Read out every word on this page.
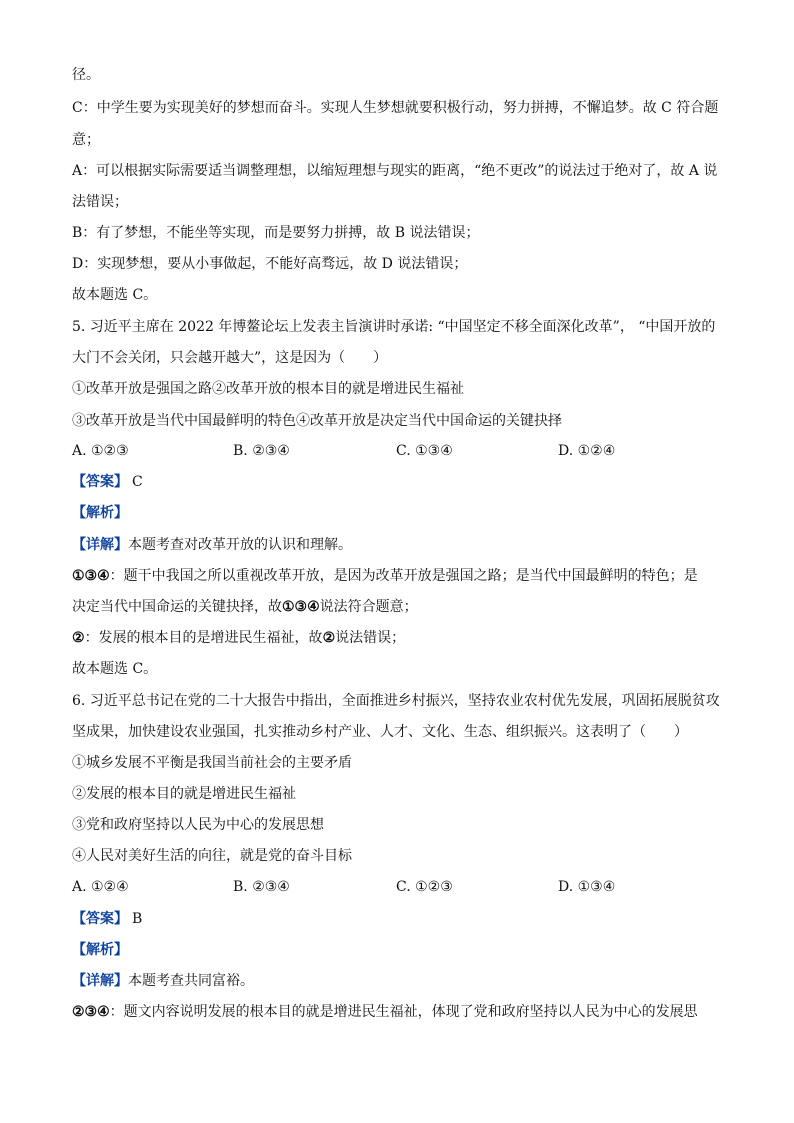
径。
C：中学生要为实现美好的梦想而奋斗。实现人生梦想就要积极行动，努力拼搏，不懈追梦。故 C 符合题
意；
A：可以根据实际需要适当调整理想，以缩短理想与现实的距离，“绝不更改”的说法过于绝对了，故 A 说
法错误；
B：有了梦想，不能坐等实现，而是要努力拼搏，故 B 说法错误；
D：实现梦想，要从小事做起，不能好高骛远，故 D 说法错误；
故本题选 C。
5. 习近平主席在 2022 年博鳌论坛上发表主旨演讲时承诺: “中国坚定不移全面深化改革”， “中国开放的
大门不会关闭，只会越开越大”，这是因为（　　）
①改革开放是强国之路②改革开放的根本目的就是增进民生福祉
③改革开放是当代中国最鲜明的特色④改革开放是决定当代中国命运的关键抉择
A. ①②③	B. ②③④	C. ①③④	D. ①②④
【答案】 C
【解析】
【详解】本题考查对改革开放的认识和理解。
①③④：题干中我国之所以重视改革开放，是因为改革开放是强国之路；是当代中国最鲜明的特色；是
决定当代中国命运的关键抉择，故①③④说法符合题意；
②：发展的根本目的是增进民生福祉，故②说法错误；
故本题选 C。
6. 习近平总书记在党的二十大报告中指出，全面推进乡村振兴，坚持农业农村优先发展，巩固拓展脱贫攻
坚成果，加快建设农业强国，扎实推动乡村产业、人才、文化、生态、组织振兴。这表明了（　　）
①城乡发展不平衡是我国当前社会的主要矛盾
②发展的根本目的就是增进民生福祉
③党和政府坚持以人民为中心的发展思想
④人民对美好生活的向往，就是党的奋斗目标
A. ①②④	B. ②③④	C. ①②③	D. ①③④
【答案】 B
【解析】
【详解】本题考查共同富裕。
②③④：题文内容说明发展的根本目的就是增进民生福祉，体现了党和政府坚持以人民为中心的发展思
